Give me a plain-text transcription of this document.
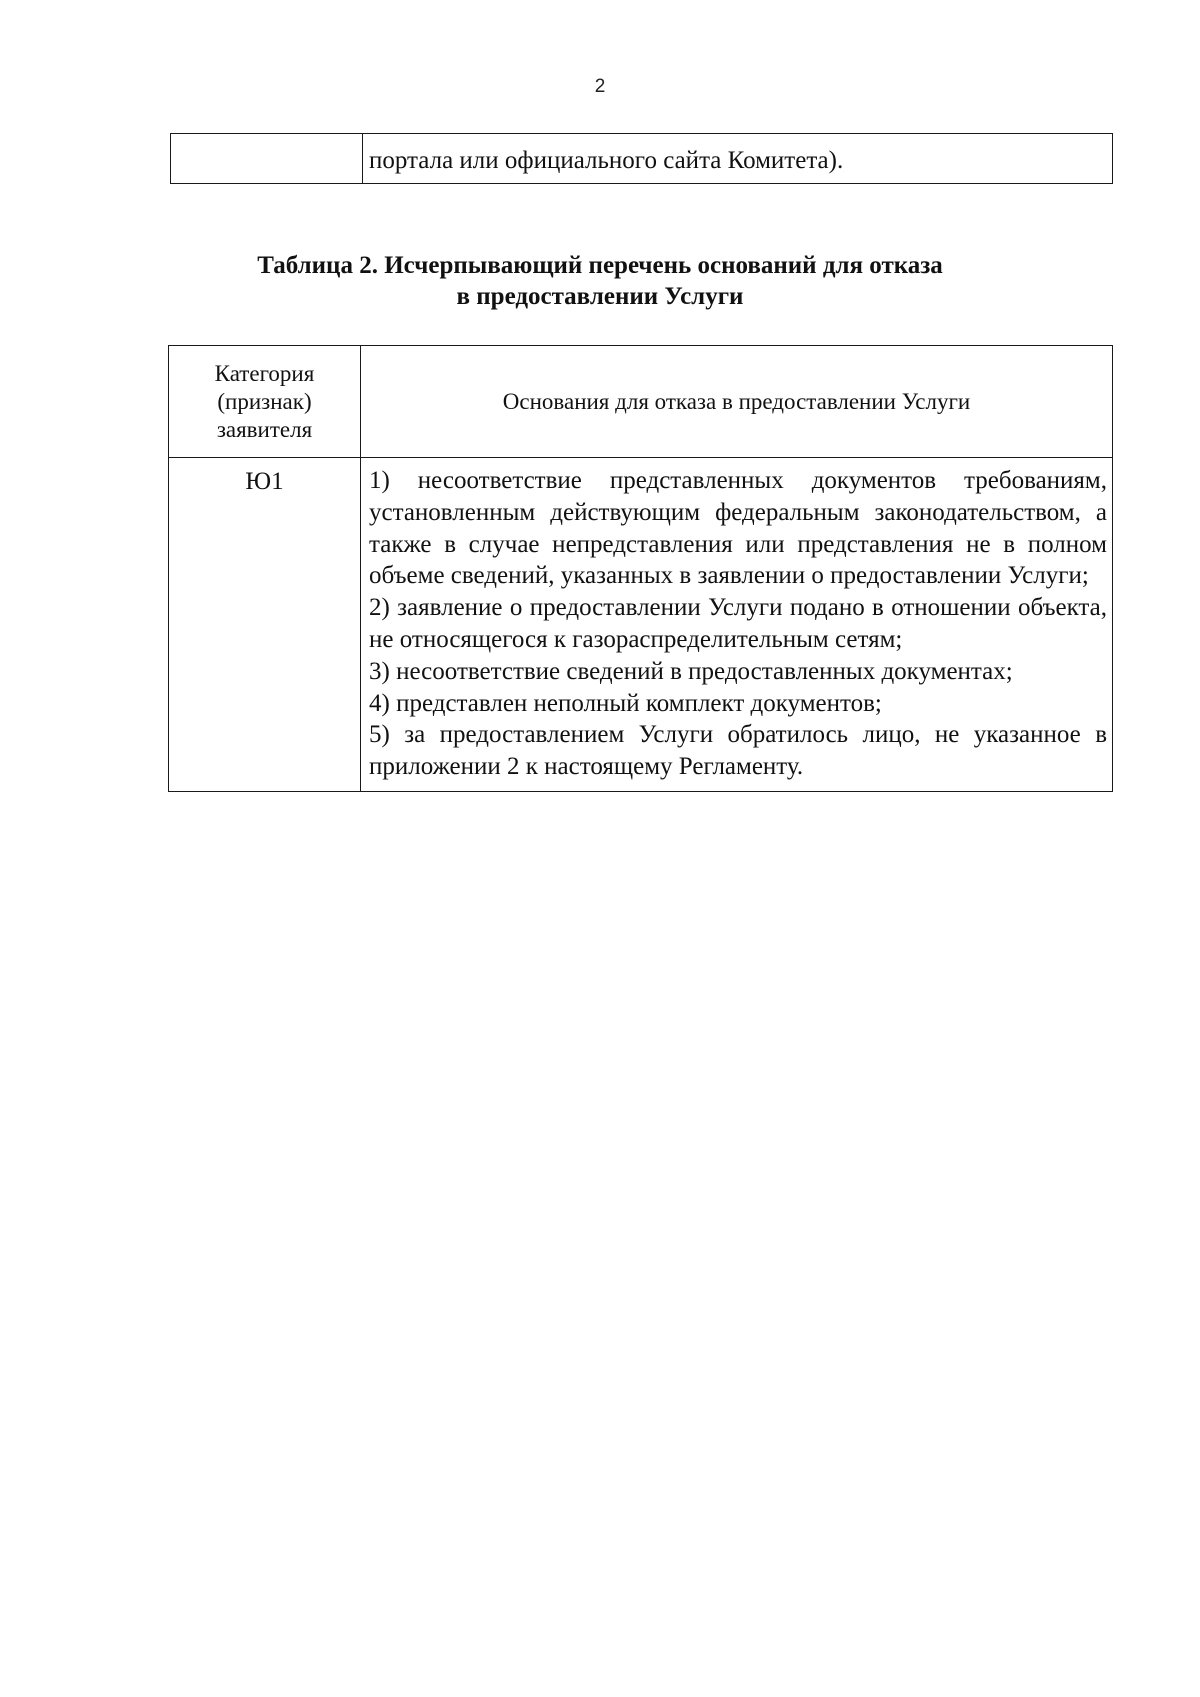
2
	портала или официального сайта Комитета).
Таблица 2. Исчерпывающий перечень оснований для отказа
в предоставлении Услуги
Категория (признак) заявителя	Основания для отказа в предоставлении Услуги
Ю1	1) несоответствие представленных документов требованиям, установленным действующим федеральным законодательством, а также в случае непредставления или представления не в полном объеме сведений, указанных в заявлении о предоставлении Услуги;
2) заявление о предоставлении Услуги подано в отношении объекта, не относящегося к газораспределительным сетям;
3) несоответствие сведений в предоставленных документах;
4) представлен неполный комплект документов;
5) за предоставлением Услуги обратилось лицо, не указанное в приложении 2 к настоящему Регламенту.
